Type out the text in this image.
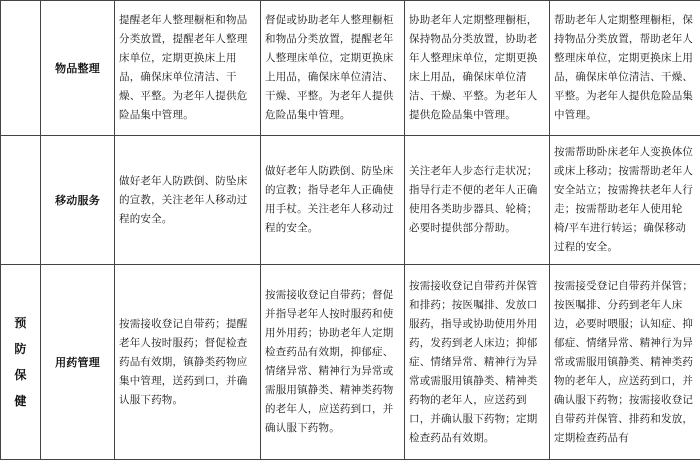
	物品整理	提醒老年人整理橱柜和物品分类放置，提醒老年人整理床单位，定期更换床上用品，确保床单位清洁、干燥、平整。为老年人提供危险品集中管理。	督促或协助老年人整理橱柜和物品分类放置，提醒老年人整理床单位，定期更换床上用品，确保床单位清洁、干燥、平整。为老年人提供危险品集中管理。	协助老年人定期整理橱柜，保持物品分类放置，协助老年人整理床单位，定期更换床上用品，确保床单位清洁、干燥、平整。为老年人提供危险品集中管理。	帮助老年人定期整理橱柜，保持物品分类放置，帮助老年人整理床单位，定期更换床上用品，确保床单位清洁、干燥、平整。为老年人提供危险品集中管理。
	移动服务	做好老年人防跌倒、防坠床的宣教，关注老年人移动过程的安全。	做好老年人防跌倒、防坠床的宣教；指导老年人正确使用手杖。关注老年人移动过程的安全。	关注老年人步态行走状况；指导行走不便的老年人正确使用各类助步器具、轮椅；必要时提供部分帮助。	按需帮助卧床老年人变换体位或床上移动；按需帮助老年人安全站立；按需搀扶老年人行走；按需帮助老年人使用轮椅/平车进行转运；确保移动过程的安全。

预
防
保
健	用药管理	按需接收登记自带药；提醒老年人按时服药；督促检查药品有效期，镇静类药物应集中管理，送药到口，并确认服下药物。	按需接收登记自带药；督促并指导老年人按时服药和使用外用药；协助老年人定期检查药品有效期，抑郁症、情绪异常、精神行为异常或需服用镇静类、精神类药物的老年人，应送药到口，并确认服下药物。	按需接收登记自带药并保管和排药；按医嘱排、发放口服药，指导或协助使用外用药，发药到老人床边；抑郁症、情绪异常、精神行为异常或需服用镇静类、精神类药物的老年人，应送药到口，并确认服下药物；定期检查药品有效期。	按需接受登记自带药并保管；按医嘱排、分药到老年人床边，必要时喂服；认知症、抑郁症、情绪异常、精神行为异常或需服用镇静类、精神类药物的老年人，应送药到口，并确认服下药物；按需接收登记自带药并保管、排药和发放，定期检查药品有
